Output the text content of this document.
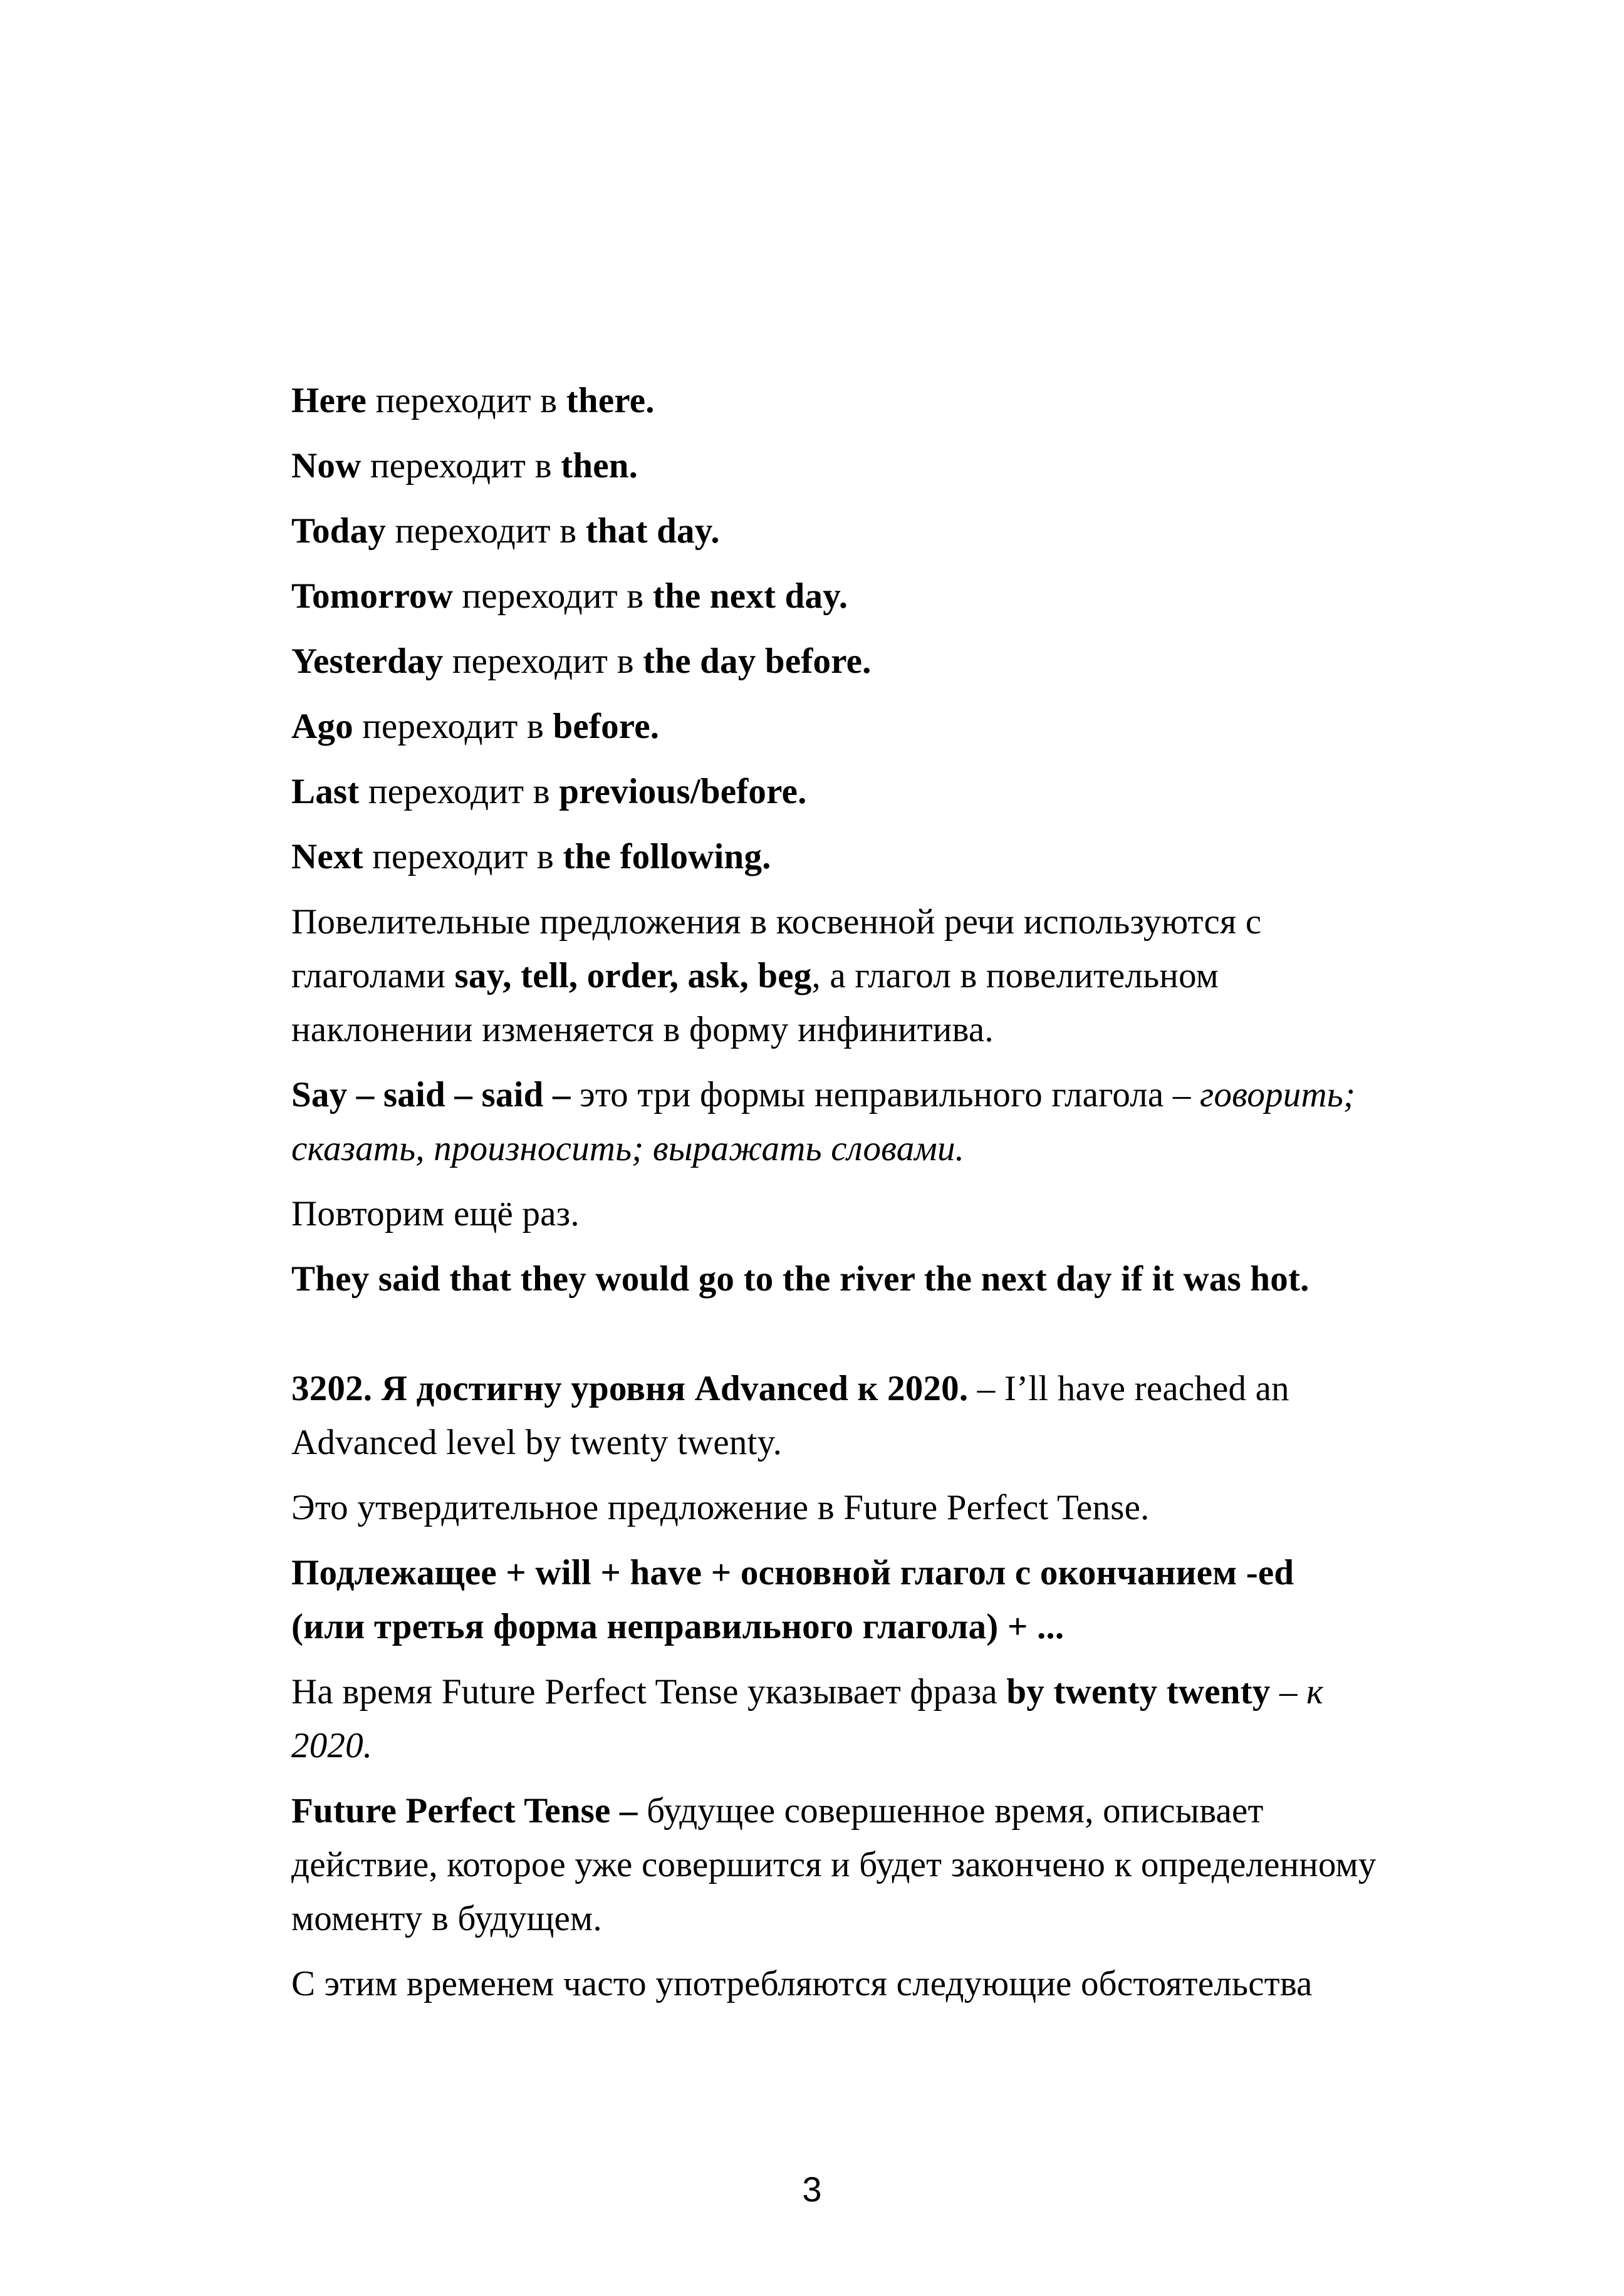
Here переходит в there.

Now переходит в then.

Today переходит в that day.

Tomorrow переходит в the next day.

Yesterday переходит в the day before.

Ago переходит в before.

Last переходит в previous/before.

Next переходит в the following.

Повелительные предложения в косвенной речи используются с
глаголами say, tell, order, ask, beg, а глагол в повелительном
наклонении изменяется в форму инфинитива.

Say – said – said – это три формы неправильного глагола – говорить;
сказать, произносить; выражать словами.

Повторим ещё раз.

They said that they would go to the river the next day if it was hot.

3202. Я достигну уровня Advanced к 2020. – I’ll have reached an
Advanced level by twenty twenty.

Это утвердительное предложение в Future Perfect Tense.

Подлежащее + will + have + основной глагол с окончанием -ed
(или третья форма неправильного глагола) + ...

На время Future Perfect Tense указывает фраза by twenty twenty – к
2020.

Future Perfect Tense – будущее совершенное время, описывает
действие, которое уже совершится и будет закончено к определенному
моменту в будущем.

С этим временем часто употребляются следующие обстоятельства

3
